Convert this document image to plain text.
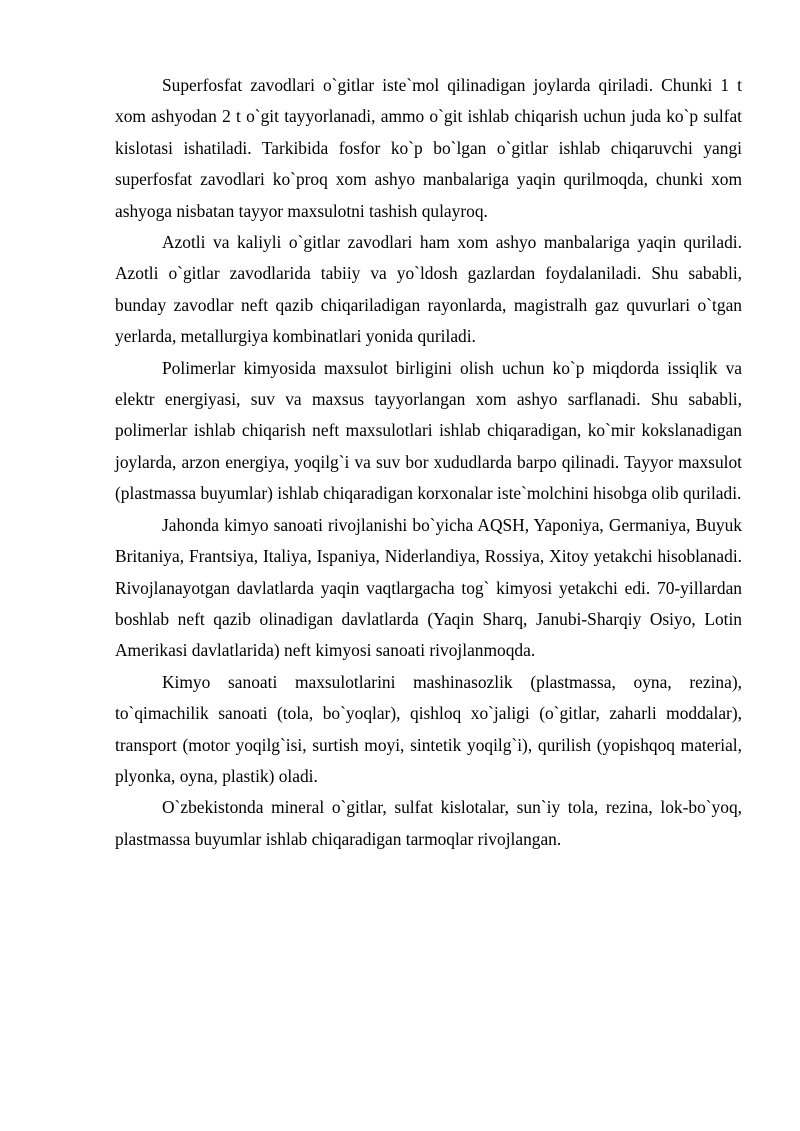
Superfosfat zavodlari o`gitlar iste`mol qilinadigan joylarda qiriladi. Chunki 1 t xom ashyodan 2 t o`git tayyorlanadi, ammo o`git ishlab chiqarish uchun juda ko`p sulfat kislotasi ishatiladi. Tarkibida fosfor ko`p bo`lgan o`gitlar ishlab chiqaruvchi yangi superfosfat zavodlari ko`proq xom ashyo manbalariga yaqin qurilmoqda, chunki xom ashyoga nisbatan tayyor maxsulotni tashish qulayroq.

Azotli va kaliyli o`gitlar zavodlari ham xom ashyo manbalariga yaqin quriladi. Azotli o`gitlar zavodlarida tabiiy va yo`ldosh gazlardan foydalaniladi. Shu sababli, bunday zavodlar neft qazib chiqariladigan rayonlarda, magistralh gaz quvurlari o`tgan yerlarda, metallurgiya kombinatlari yonida quriladi.

Polimerlar kimyosida maxsulot birligini olish uchun ko`p miqdorda issiqlik va elektr energiyasi, suv va maxsus tayyorlangan xom ashyo sarflanadi. Shu sababli, polimerlar ishlab chiqarish neft maxsulotlari ishlab chiqaradigan, ko`mir kokslanadigan joylarda, arzon energiya, yoqilg`i va suv bor xududlarda barpo qilinadi. Tayyor maxsulot (plastmassa buyumlar) ishlab chiqaradigan korxonalar iste`molchini hisobga olib quriladi.

Jahonda kimyo sanoati rivojlanishi bo`yicha AQSH, Yaponiya, Germaniya, Buyuk Britaniya, Frantsiya, Italiya, Ispaniya, Niderlandiya, Rossiya, Xitoy yetakchi hisoblanadi. Rivojlanayotgan davlatlarda yaqin vaqtlargacha tog` kimyosi yetakchi edi. 70-yillardan boshlab neft qazib olinadigan davlatlarda (Yaqin Sharq, Janubi-Sharqiy Osiyo, Lotin Amerikasi davlatlarida) neft kimyosi sanoati rivojlanmoqda.

Kimyo sanoati maxsulotlarini mashinasozlik (plastmassa, oyna, rezina), to`qimachilik sanoati (tola, bo`yoqlar), qishloq xo`jaligi (o`gitlar, zaharli moddalar), transport (motor yoqilg`isi, surtish moyi, sintetik yoqilg`i), qurilish (yopishqoq material, plyonka, oyna, plastik) oladi.

O`zbekistonda mineral o`gitlar, sulfat kislotalar, sun`iy tola, rezina, lok-bo`yoq, plastmassa buyumlar ishlab chiqaradigan tarmoqlar rivojlangan.
